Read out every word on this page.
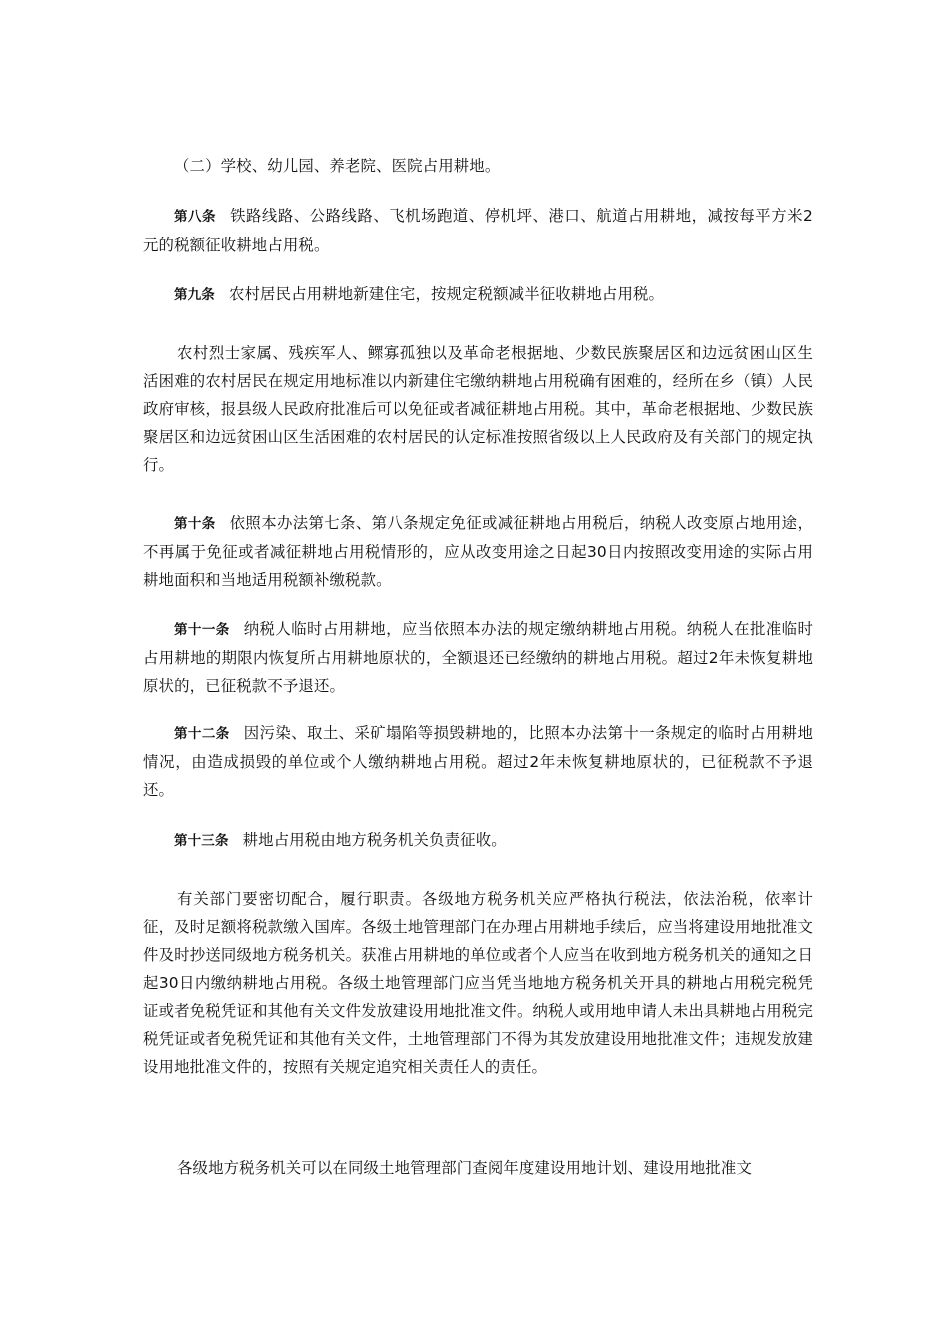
（二）学校、幼儿园、养老院、医院占用耕地。

第八条 铁路线路、公路线路、飞机场跑道、停机坪、港口、航道占用耕地，减按每平方米2元的税额征收耕地占用税。

第九条 农村居民占用耕地新建住宅，按规定税额减半征收耕地占用税。

农村烈士家属、残疾军人、鳏寡孤独以及革命老根据地、少数民族聚居区和边远贫困山区生活困难的农村居民在规定用地标准以内新建住宅缴纳耕地占用税确有困难的，经所在乡（镇）人民政府审核，报县级人民政府批准后可以免征或者减征耕地占用税。其中，革命老根据地、少数民族聚居区和边远贫困山区生活困难的农村居民的认定标准按照省级以上人民政府及有关部门的规定执行。

第十条 依照本办法第七条、第八条规定免征或减征耕地占用税后，纳税人改变原占地用途，不再属于免征或者减征耕地占用税情形的，应从改变用途之日起30日内按照改变用途的实际占用耕地面积和当地适用税额补缴税款。

第十一条 纳税人临时占用耕地，应当依照本办法的规定缴纳耕地占用税。纳税人在批准临时占用耕地的期限内恢复所占用耕地原状的，全额退还已经缴纳的耕地占用税。超过2年未恢复耕地原状的，已征税款不予退还。

第十二条 因污染、取土、采矿塌陷等损毁耕地的，比照本办法第十一条规定的临时占用耕地情况，由造成损毁的单位或个人缴纳耕地占用税。超过2年未恢复耕地原状的，已征税款不予退还。

第十三条 耕地占用税由地方税务机关负责征收。

有关部门要密切配合，履行职责。各级地方税务机关应严格执行税法，依法治税，依率计征，及时足额将税款缴入国库。各级土地管理部门在办理占用耕地手续后，应当将建设用地批准文件及时抄送同级地方税务机关。获准占用耕地的单位或者个人应当在收到地方税务机关的通知之日起30日内缴纳耕地占用税。各级土地管理部门应当凭当地地方税务机关开具的耕地占用税完税凭证或者免税凭证和其他有关文件发放建设用地批准文件。纳税人或用地申请人未出具耕地占用税完税凭证或者免税凭证和其他有关文件，土地管理部门不得为其发放建设用地批准文件；违规发放建设用地批准文件的，按照有关规定追究相关责任人的责任。

各级地方税务机关可以在同级土地管理部门查阅年度建设用地计划、建设用地批准文
